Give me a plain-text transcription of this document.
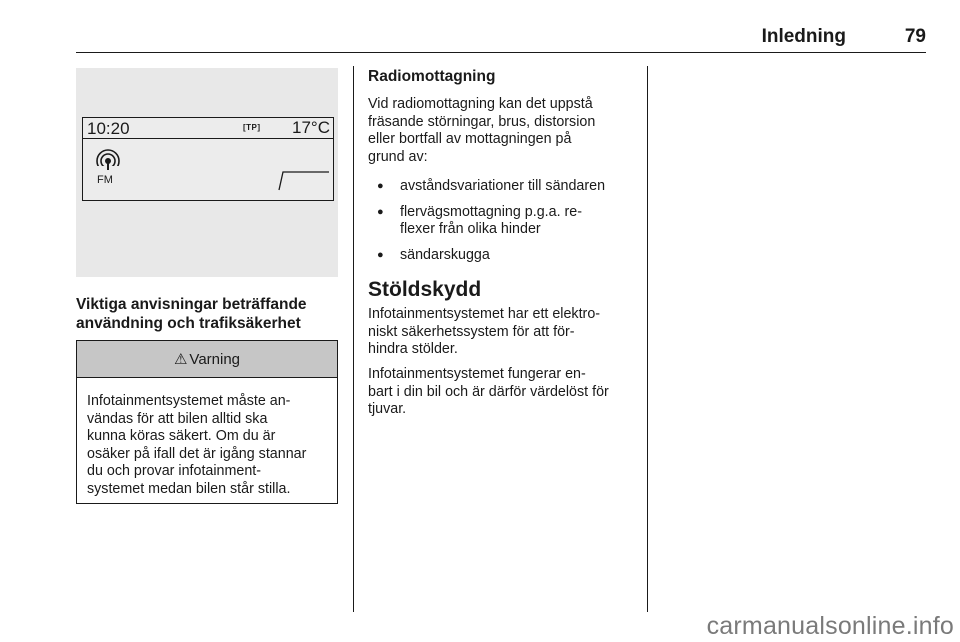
Inledning	79
10:20	[TP] 17°C
FM
Viktiga anvisningar beträffande
användning och trafiksäkerhet
⚠ Varning
Infotainmentsystemet måste an-
vändas för att bilen alltid ska
kunna köras säkert. Om du är
osäker på ifall det är igång stannar
du och provar infotainment-
systemet medan bilen står stilla.
Radiomottagning
Vid radiomottagning kan det uppstå
fräsande störningar, brus, distorsion
eller bortfall av mottagningen på
grund av:
● avståndsvariationer till sändaren
● flervägsmottagning p.g.a. re-
flexer från olika hinder
● sändarskugga
Stöldskydd
Infotainmentsystemet har ett elektro-
niskt säkerhetssystem för att för-
hindra stölder.
Infotainmentsystemet fungerar en-
bart i din bil och är därför värdelöst för
tjuvar.
carmanualsonline.info
